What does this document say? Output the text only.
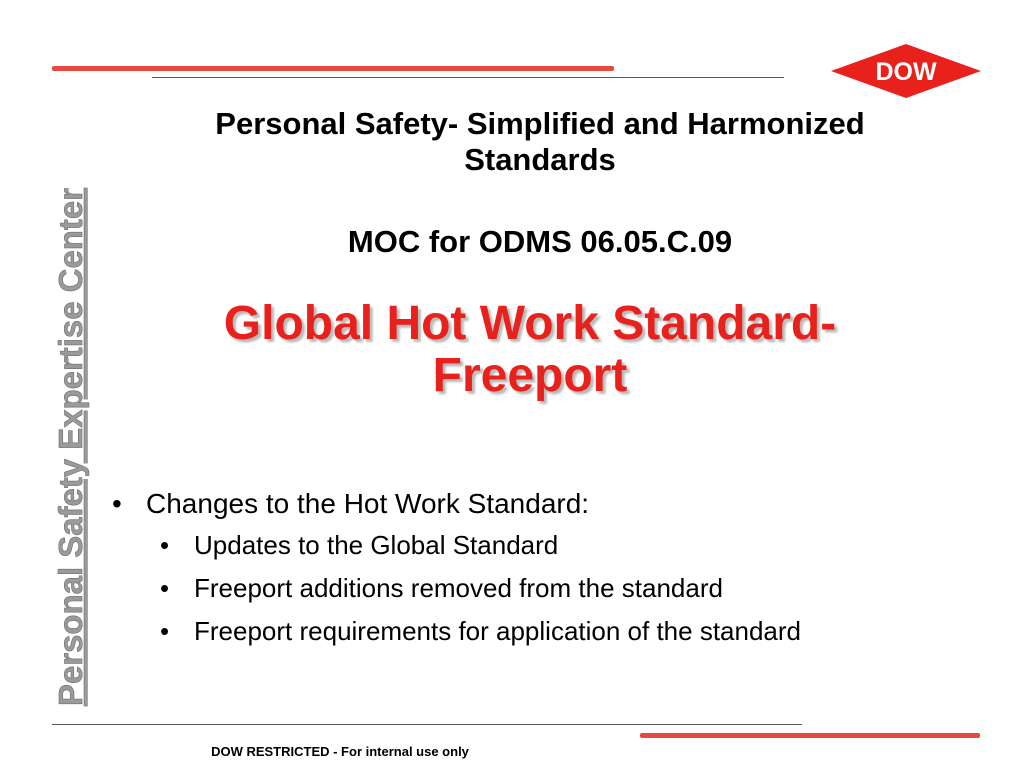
DOW
Personal Safety Expertise Center
Personal Safety- Simplified and Harmonized Standards
MOC for ODMS 06.05.C.09
Global Hot Work Standard- Freeport
• Changes to the Hot Work Standard:
• Updates to the Global Standard
• Freeport additions removed from the standard
• Freeport requirements for application of the standard
DOW RESTRICTED - For internal use only
